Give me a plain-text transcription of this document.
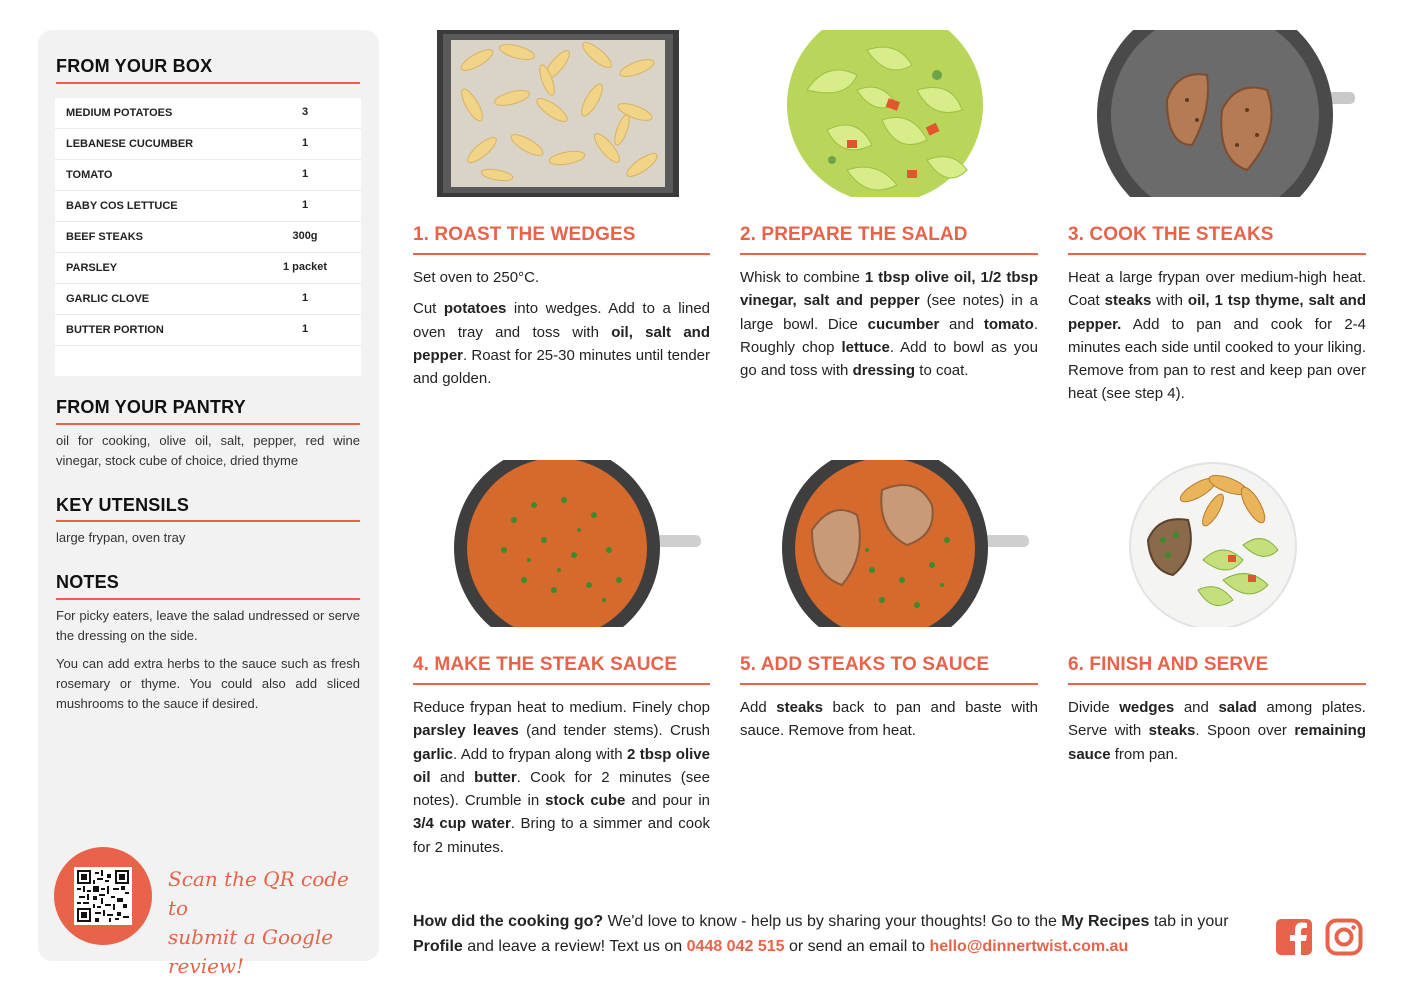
FROM YOUR BOX
MEDIUM POTATOES	3
LEBANESE CUCUMBER	1
TOMATO	1
BABY COS LETTUCE	1
BEEF STEAKS	300g
PARSLEY	1 packet
GARLIC CLOVE	1
BUTTER PORTION	1
FROM YOUR PANTRY
oil for cooking, olive oil, salt, pepper, red wine vinegar, stock cube of choice, dried thyme
KEY UTENSILS
large frypan, oven tray
NOTES
For picky eaters, leave the salad undressed or serve the dressing on the side.
You can add extra herbs to the sauce such as fresh rosemary or thyme. You could also add sliced mushrooms to the sauce if desired.
Scan the QR code to
submit a Google review!
1. ROAST THE WEDGES

Set oven to 250°C.

Cut potatoes into wedges. Add to a lined oven tray and toss with oil, salt and pepper. Roast for 25-30 minutes until tender and golden.

2. PREPARE THE SALAD

Whisk to combine 1 tbsp olive oil, 1/2 tbsp vinegar, salt and pepper (see notes) in a large bowl. Dice cucumber and tomato. Roughly chop lettuce. Add to bowl as you go and toss with dressing to coat.

3. COOK THE STEAKS

Heat a large frypan over medium-high heat. Coat steaks with oil, 1 tsp thyme, salt and pepper. Add to pan and cook for 2-4 minutes each side until cooked to your liking. Remove from pan to rest and keep pan over heat (see step 4).

4. MAKE THE STEAK SAUCE

Reduce frypan heat to medium. Finely chop parsley leaves (and tender stems). Crush garlic. Add to frypan along with 2 tbsp olive oil and butter. Cook for 2 minutes (see notes). Crumble in stock cube and pour in 3/4 cup water. Bring to a simmer and cook for 2 minutes.

5. ADD STEAKS TO SAUCE

Add steaks back to pan and baste with sauce. Remove from heat.

6. FINISH AND SERVE

Divide wedges and salad among plates. Serve with steaks. Spoon over remaining sauce from pan.

How did the cooking go? We'd love to know - help us by sharing your thoughts! Go to the My Recipes tab in your Profile and leave a review! Text us on 0448 042 515 or send an email to hello@dinnertwist.com.au
